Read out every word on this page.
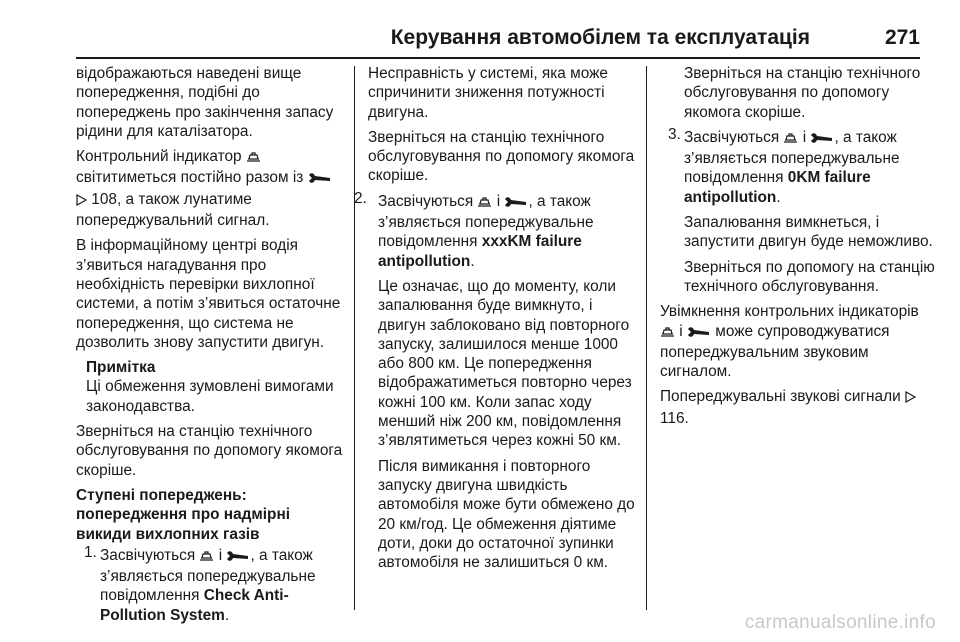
Керування автомобілем та експлуатація	271

відображаються наведені вище попередження, подібні до попереджень про закінчення запасу рідини для каталізатора.

Контрольний індикатор  світитиметься постійно разом із   108, а також лунатиме попереджувальний сигнал.

В інформаційному центрі водія з’явиться нагадування про необхідність перевірки вихлопної системи, а потім з’явиться остаточне попередження, що система не дозволить знову запустити двигун.

Примітка

Ці обмеження зумовлені вимогами законодавства.

Зверніться на станцію технічного обслуговування по допомогу якомога скоріше.

Ступені попереджень: попередження про надмірні викиди вихлопних газів

1. Засвічуються і , а також з’являється попереджувальне повідомлення Check Anti-Pollution System.

Несправність у системі, яка може спричинити зниження потужності двигуна.

Зверніться на станцію технічного обслуговування по допомогу якомога скоріше.

2. Засвічуються і , а також з’являється попереджувальне повідомлення xxxKM failure antipollution.

Це означає, що до моменту, коли запалювання буде вимкнуто, і двигун заблоковано від повторного запуску, залишилося менше 1000 або 800 км. Це попередження відображатиметься повторно через кожні 100 км. Коли запас ходу менший ніж 200 км, повідомлення з’являтиметься через кожні 50 км.

Після вимикання і повторного запуску двигуна швидкість автомобіля може бути обмежено до 20 км/год. Це обмеження діятиме доти, доки до остаточної зупинки автомобіля не залишиться 0 км.

Зверніться на станцію технічного обслуговування по допомогу якомога скоріше.

3. Засвічуються і , а також з’являється попереджувальне повідомлення 0KM failure antipollution.

Запалювання вимкнеться, і запустити двигун буде неможливо.

Зверніться по допомогу на станцію технічного обслуговування.

Увімкнення контрольних індикаторів  і може супроводжуватися попереджувальним звуковим сигналом.

Попереджувальні звукові сигнали  116.

carmanualsonline.info
